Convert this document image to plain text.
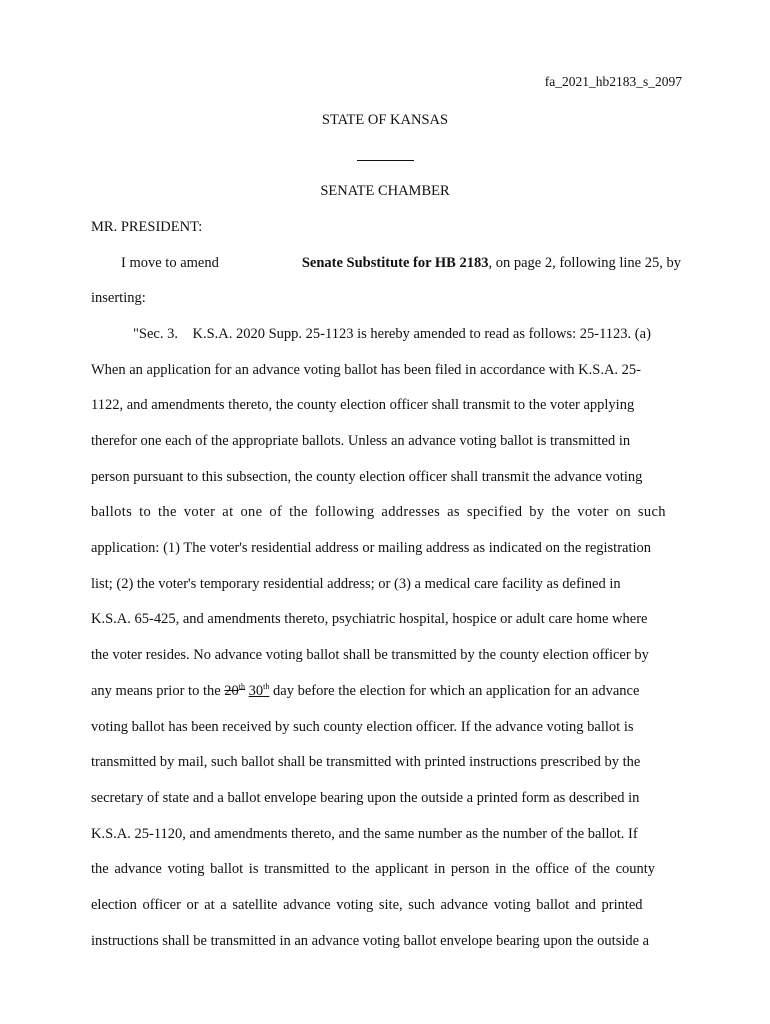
fa_2021_hb2183_s_2097
STATE OF KANSAS
SENATE CHAMBER
MR. PRESIDENT:
I move to amend	Senate Substitute for HB 2183, on page 2, following line 25, by
inserting:
"Sec. 3.    K.S.A. 2020 Supp. 25-1123 is hereby amended to read as follows: 25-1123. (a)
When an application for an advance voting ballot has been filed in accordance with K.S.A. 25-
1122, and amendments thereto, the county election officer shall transmit to the voter applying
therefor one each of the appropriate ballots. Unless an advance voting ballot is transmitted in
person pursuant to this subsection, the county election officer shall transmit the advance voting
ballots to the voter at one of the following addresses as specified by the voter on such
application: (1) The voter's residential address or mailing address as indicated on the registration
list; (2) the voter's temporary residential address; or (3) a medical care facility as defined in
K.S.A. 65-425, and amendments thereto, psychiatric hospital, hospice or adult care home where
the voter resides. No advance voting ballot shall be transmitted by the county election officer by
any means prior to the 20th 30th day before the election for which an application for an advance
voting ballot has been received by such county election officer. If the advance voting ballot is
transmitted by mail, such ballot shall be transmitted with printed instructions prescribed by the
secretary of state and a ballot envelope bearing upon the outside a printed form as described in
K.S.A. 25-1120, and amendments thereto, and the same number as the number of the ballot. If
the advance voting ballot is transmitted to the applicant in person in the office of the county
election officer or at a satellite advance voting site, such advance voting ballot and printed
instructions shall be transmitted in an advance voting ballot envelope bearing upon the outside a
